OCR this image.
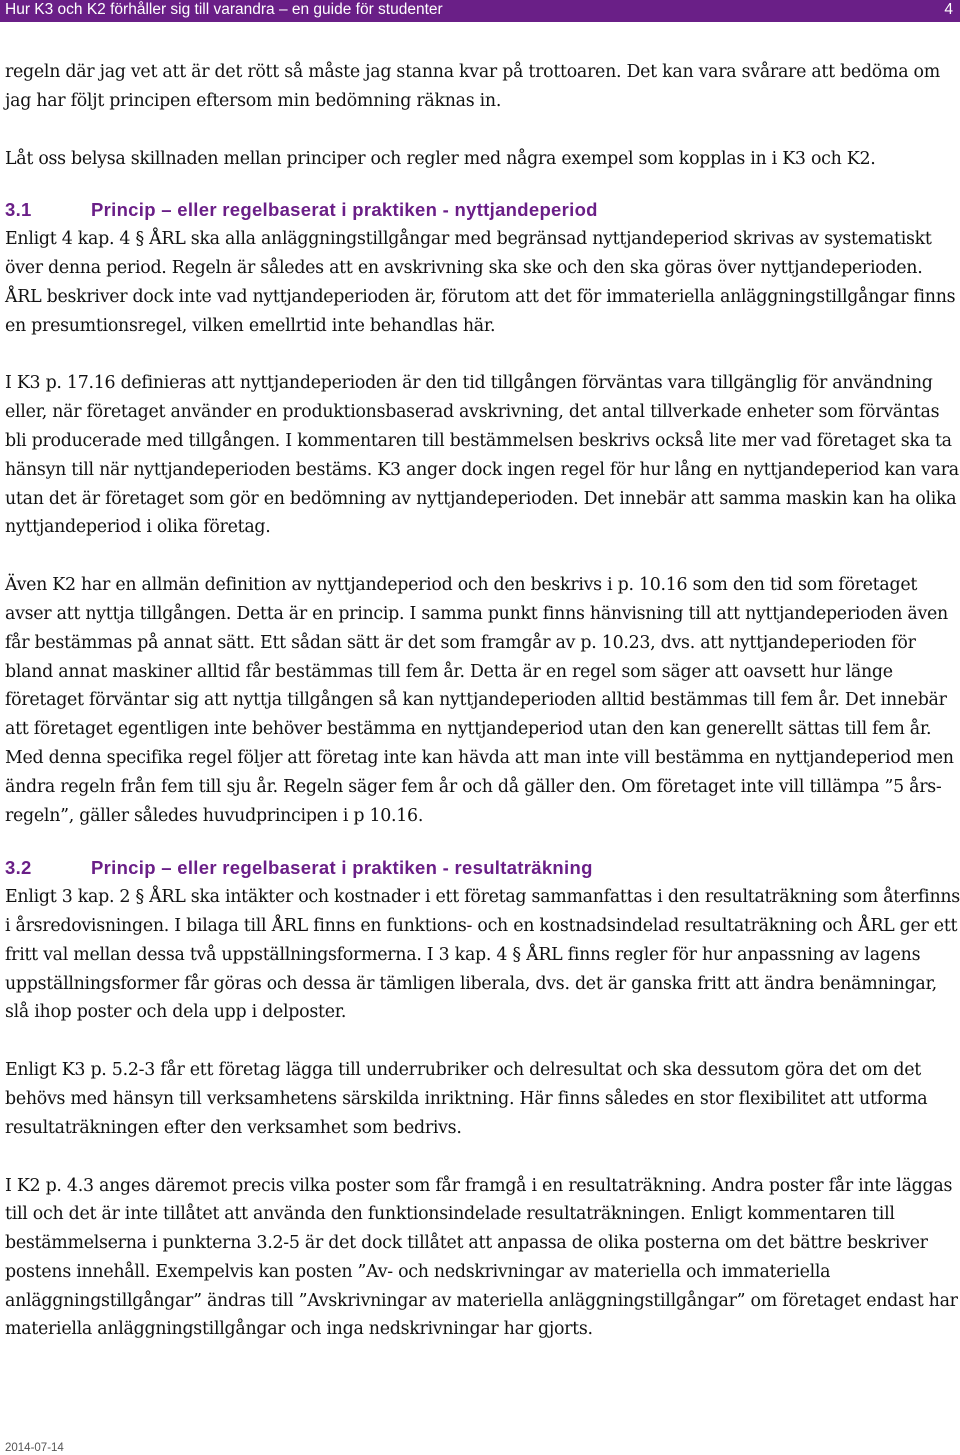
Hur K3 och K2 förhåller sig till varandra – en guide för studenter	4

regeln där jag vet att är det rött så måste jag stanna kvar på trottoaren. Det kan vara svårare att bedöma om jag har följt principen eftersom min bedömning räknas in.

Låt oss belysa skillnaden mellan principer och regler med några exempel som kopplas in i K3 och K2.

3.1	Princip – eller regelbaserat i praktiken - nyttjandeperiod

Enligt 4 kap. 4 § ÅRL ska alla anläggningstillgångar med begränsad nyttjandeperiod skrivas av systematiskt över denna period. Regeln är således att en avskrivning ska ske och den ska göras över nyttjandeperioden. ÅRL beskriver dock inte vad nyttjandeperioden är, förutom att det för immateriella anläggningstillgångar finns en presumtionsregel, vilken emellrtid inte behandlas här.

I K3 p. 17.16 definieras att nyttjandeperioden är den tid tillgången förväntas vara tillgänglig för användning eller, när företaget använder en produktionsbaserad avskrivning, det antal tillverkade enheter som förväntas bli producerade med tillgången. I kommentaren till bestämmelsen beskrivs också lite mer vad företaget ska ta hänsyn till när nyttjandeperioden bestäms. K3 anger dock ingen regel för hur lång en nyttjandeperiod kan vara utan det är företaget som gör en bedömning av nyttjandeperioden. Det innebär att samma maskin kan ha olika nyttjandeperiod i olika företag.

Även K2 har en allmän definition av nyttjandeperiod och den beskrivs i p. 10.16 som den tid som företaget avser att nyttja tillgången. Detta är en princip. I samma punkt finns hänvisning till att nyttjandeperioden även får bestämmas på annat sätt. Ett sådan sätt är det som framgår av p. 10.23, dvs. att nyttjandeperioden för bland annat maskiner alltid får bestämmas till fem år. Detta är en regel som säger att oavsett hur länge företaget förväntar sig att nyttja tillgången så kan nyttjandeperioden alltid bestämmas till fem år. Det innebär att företaget egentligen inte behöver bestämma en nyttjandeperiod utan den kan generellt sättas till fem år. Med denna specifika regel följer att företag inte kan hävda att man inte vill bestämma en nyttjandeperiod men ändra regeln från fem till sju år. Regeln säger fem år och då gäller den. Om företaget inte vill tillämpa ”5 års-regeln”, gäller således huvudprincipen i p 10.16.

3.2	Princip – eller regelbaserat i praktiken - resultaträkning

Enligt 3 kap. 2 § ÅRL ska intäkter och kostnader i ett företag sammanfattas i den resultaträkning som återfinns i årsredovisningen. I bilaga till ÅRL finns en funktions- och en kostnadsindelad resultaträkning och ÅRL ger ett fritt val mellan dessa två uppställningsformerna. I 3 kap. 4 § ÅRL finns regler för hur anpassning av lagens uppställningsformer får göras och dessa är tämligen liberala, dvs. det är ganska fritt att ändra benämningar, slå ihop poster och dela upp i delposter.

Enligt K3 p. 5.2-3 får ett företag lägga till underrubriker och delresultat och ska dessutom göra det om det behövs med hänsyn till verksamhetens särskilda inriktning. Här finns således en stor flexibilitet att utforma resultaträkningen efter den verksamhet som bedrivs.

I K2 p. 4.3 anges däremot precis vilka poster som får framgå i en resultaträkning. Andra poster får inte läggas till och det är inte tillåtet att använda den funktionsindelade resultaträkningen. Enligt kommentaren till bestämmelserna i punkterna 3.2-5 är det dock tillåtet att anpassa de olika posterna om det bättre beskriver postens innehåll. Exempelvis kan posten ”Av- och nedskrivningar av materiella och immateriella anläggningstillgångar” ändras till ”Avskrivningar av materiella anläggningstillgångar” om företaget endast har materiella anläggningstillgångar och inga nedskrivningar har gjorts.

2014-07-14
